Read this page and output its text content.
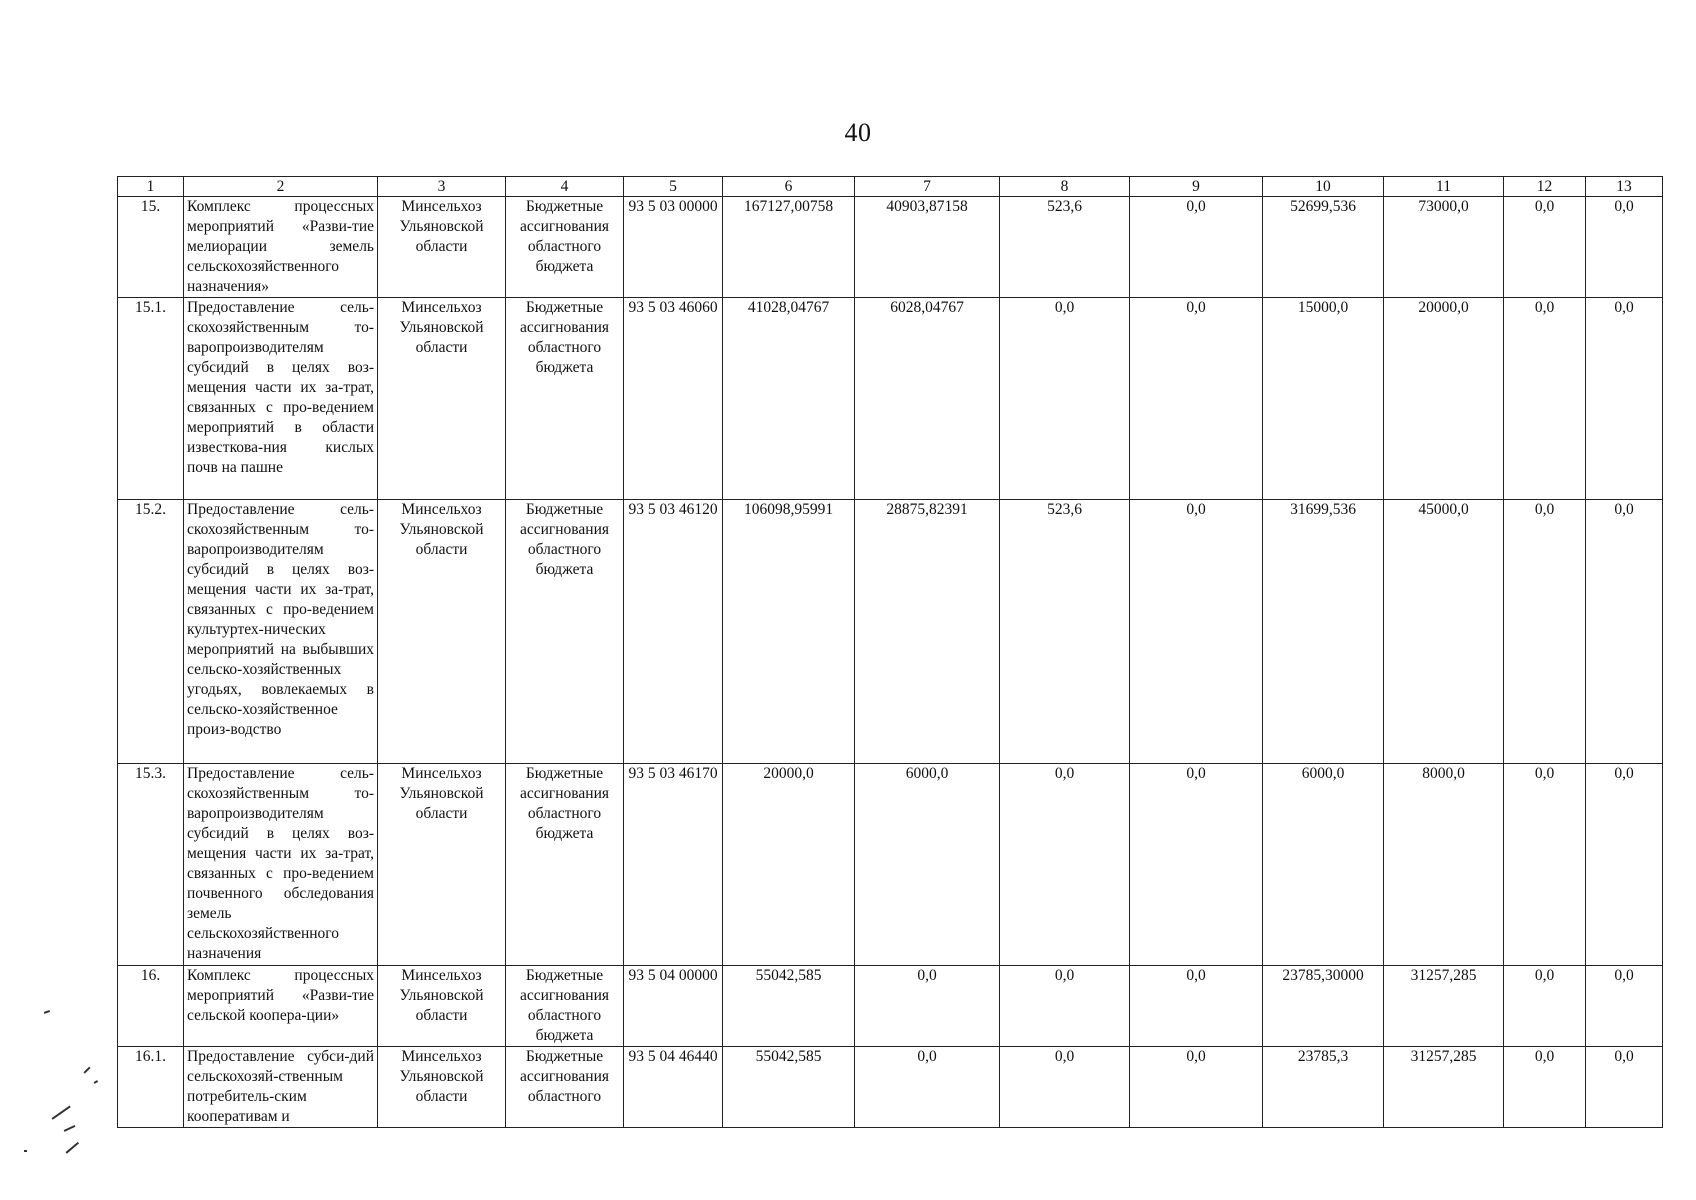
40
1	2	3	4	5	6	7	8	9	10	11	12	13
15.	Комплекс процессных мероприятий «Разви-тие мелиорации земель сельскохозяйственного назначения»	Минсельхоз Ульяновской области	Бюджетные ассигнования областного бюджета	93 5 03 00000	167127,00758	40903,87158	523,6	0,0	52699,536	73000,0	0,0	0,0
15.1.	Предоставление сель-скохозяйственным то-варопроизводителям субсидий в целях воз-мещения части их за-трат, связанных с про-ведением мероприятий в области известкова-ния кислых почв на пашне	Минсельхоз Ульяновской области	Бюджетные ассигнования областного бюджета	93 5 03 46060	41028,04767	6028,04767	0,0	0,0	15000,0	20000,0	0,0	0,0
15.2.	Предоставление сель-скохозяйственным то-варопроизводителям субсидий в целях воз-мещения части их за-трат, связанных с про-ведением культуртех-нических мероприятий на выбывших сельско-хозяйственных угодьях, вовлекаемых в сельско-хозяйственное произ-водство	Минсельхоз Ульяновской области	Бюджетные ассигнования областного бюджета	93 5 03 46120	106098,95991	28875,82391	523,6	0,0	31699,536	45000,0	0,0	0,0
15.3.	Предоставление сель-скохозяйственным то-варопроизводителям субсидий в целях воз-мещения части их за-трат, связанных с про-ведением почвенного обследования земель сельскохозяйственного назначения	Минсельхоз Ульяновской области	Бюджетные ассигнования областного бюджета	93 5 03 46170	20000,0	6000,0	0,0	0,0	6000,0	8000,0	0,0	0,0
16.	Комплекс процессных мероприятий «Разви-тие сельской коопера-ции»	Минсельхоз Ульяновской области	Бюджетные ассигнования областного бюджета	93 5 04 00000	55042,585	0,0	0,0	0,0	23785,30000	31257,285	0,0	0,0
16.1.	Предоставление субси-дий сельскохозяй-ственным потребитель-ским кооперативам и	Минсельхоз Ульяновской области	Бюджетные ассигнования областного	93 5 04 46440	55042,585	0,0	0,0	0,0	23785,3	31257,285	0,0	0,0
